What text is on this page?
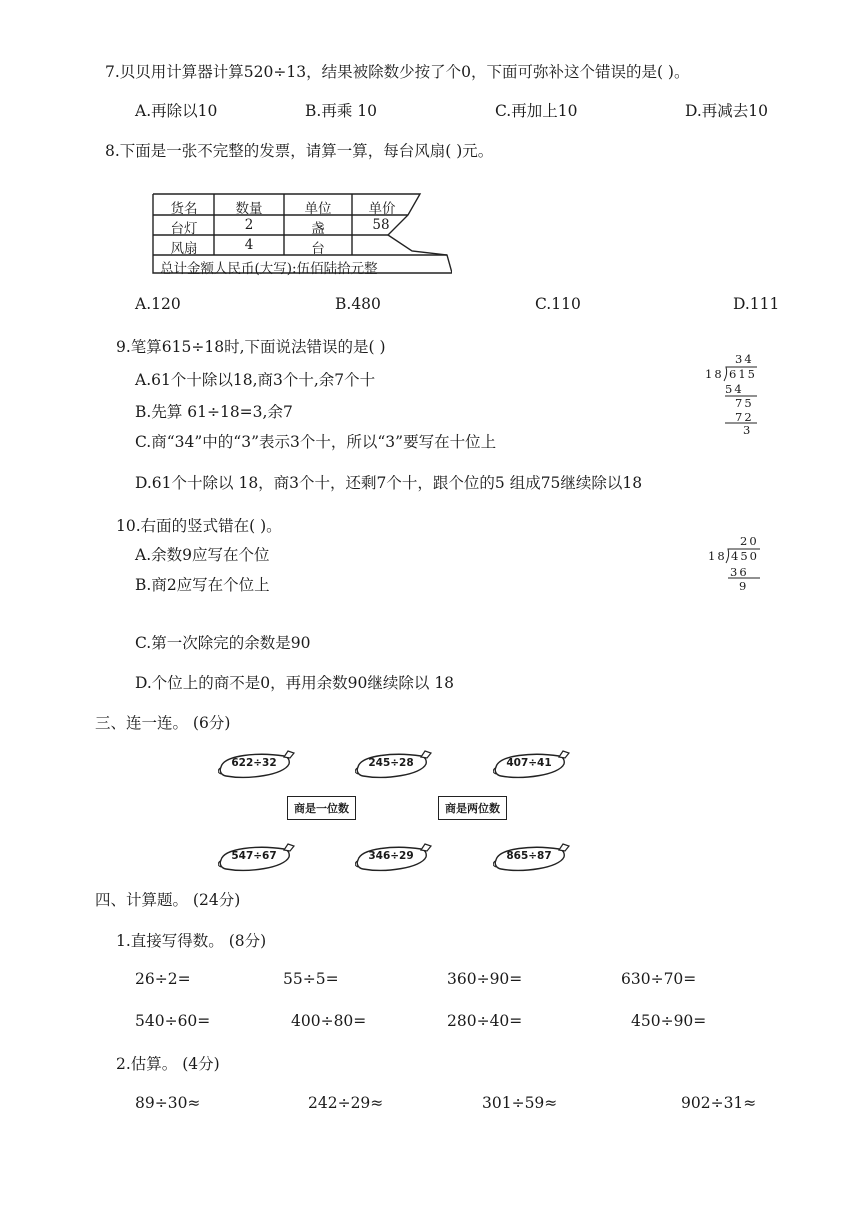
7.贝贝用计算器计算520÷13，结果被除数少按了个0，下面可弥补这个错误的是( )。
A.再除以10	B.再乘 10	C.再加上10	D.再减去10
8.下面是一张不完整的发票，请算一算，每台风扇( )元。
货名	数量	单位	单价
台灯	2	盏	58
风扇	4	台
总计金额人民币(大写):伍佰陆拾元整
A.120	B.480	C.110	D.111
9.笔算615÷18时,下面说法错误的是( )
A.61个十除以18,商3个十,余7个十
B.先算 61÷18=3,余7
C.商“34”中的“3”表示3个十，所以“3”要写在十位上
D.61个十除以 18，商3个十，还剩7个十，跟个位的5 组成75继续除以18
34
18 615
54
75
72
3
10.右面的竖式错在( )。
A.余数9应写在个位
B.商2应写在个位上
C.第一次除完的余数是90
D.个位上的商不是0，再用余数90继续除以 18
20
18 450
36
9
三、连一连。 (6分)
622÷32	245÷28	407÷41
547÷67	346÷29	865÷87
商是一位数	商是两位数
四、计算题。 (24分)
1.直接写得数。 (8分)
26÷2=	55÷5=	360÷90=	630÷70=
540÷60=	400÷80=	280÷40=	450÷90=
2.估算。 (4分)
89÷30≈	242÷29≈	301÷59≈	902÷31≈
